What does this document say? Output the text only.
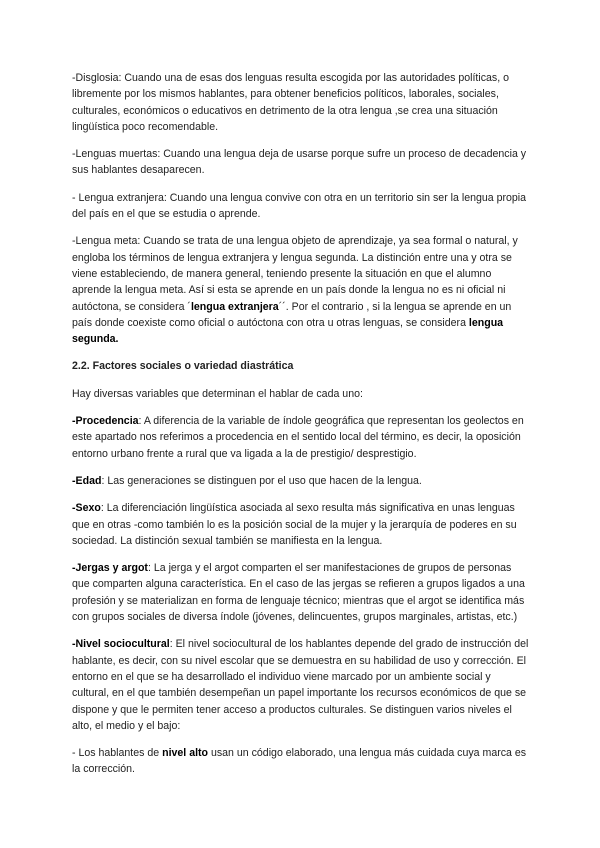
-Disglosia: Cuando una de esas dos lenguas resulta escogida por las autoridades políticas, o libremente por los mismos hablantes, para obtener beneficios políticos, laborales, sociales, culturales, económicos o educativos en detrimento de la otra lengua ,se crea una situación lingüística poco recomendable.

-Lenguas muertas: Cuando una lengua deja de usarse porque sufre un proceso de decadencia y sus hablantes desaparecen.

- Lengua extranjera: Cuando una lengua convive con otra en un territorio sin ser la lengua propia del país en el que se estudia o aprende.

-Lengua meta: Cuando se trata de una lengua objeto de aprendizaje, ya sea formal o natural, y engloba los términos de lengua extranjera y lengua segunda. La distinción entre una y otra se viene estableciendo, de manera general, teniendo presente la situación en que el alumno aprende la lengua meta. Así si esta se aprende en un país donde la lengua no es ni oficial ni autóctona, se considera ´lengua extranjera´´. Por el contrario , si la lengua se aprende en un país donde coexiste como oficial o autóctona con otra u otras lenguas, se considera lengua segunda.

2.2. Factores sociales o variedad diastrática

Hay diversas variables que determinan el hablar de cada uno:

-Procedencia: A diferencia de la variable de índole geográfica que representan los geolectos en este apartado nos referimos a procedencia en el sentido local del término, es decir, la oposición entorno urbano frente a rural que va ligada a la de prestigio/ desprestigio.

-Edad: Las generaciones se distinguen por el uso que hacen de la lengua.

-Sexo: La diferenciación lingüística asociada al sexo resulta más significativa en unas lenguas que en otras -como también lo es la posición social de la mujer y la jerarquía de poderes en su sociedad. La distinción sexual también se manifiesta en la lengua.

-Jergas y argot: La jerga y el argot comparten el ser manifestaciones de grupos de personas que comparten alguna característica. En el caso de las jergas se refieren a grupos ligados a una profesión y se materializan en forma de lenguaje técnico; mientras que el argot se identifica más con grupos sociales de diversa índole (jóvenes, delincuentes, grupos marginales, artistas, etc.)

-Nivel sociocultural: El nivel sociocultural de los hablantes depende del grado de instrucción del hablante, es decir, con su nivel escolar que se demuestra en su habilidad de uso y corrección. El entorno en el que se ha desarrollado el individuo viene marcado por un ambiente social y cultural, en el que también desempeñan un papel importante los recursos económicos de que se dispone y que le permiten tener acceso a productos culturales. Se distinguen varios niveles el alto, el medio y el bajo:

- Los hablantes de nivel alto usan un código elaborado, una lengua más cuidada cuya marca es la corrección.
